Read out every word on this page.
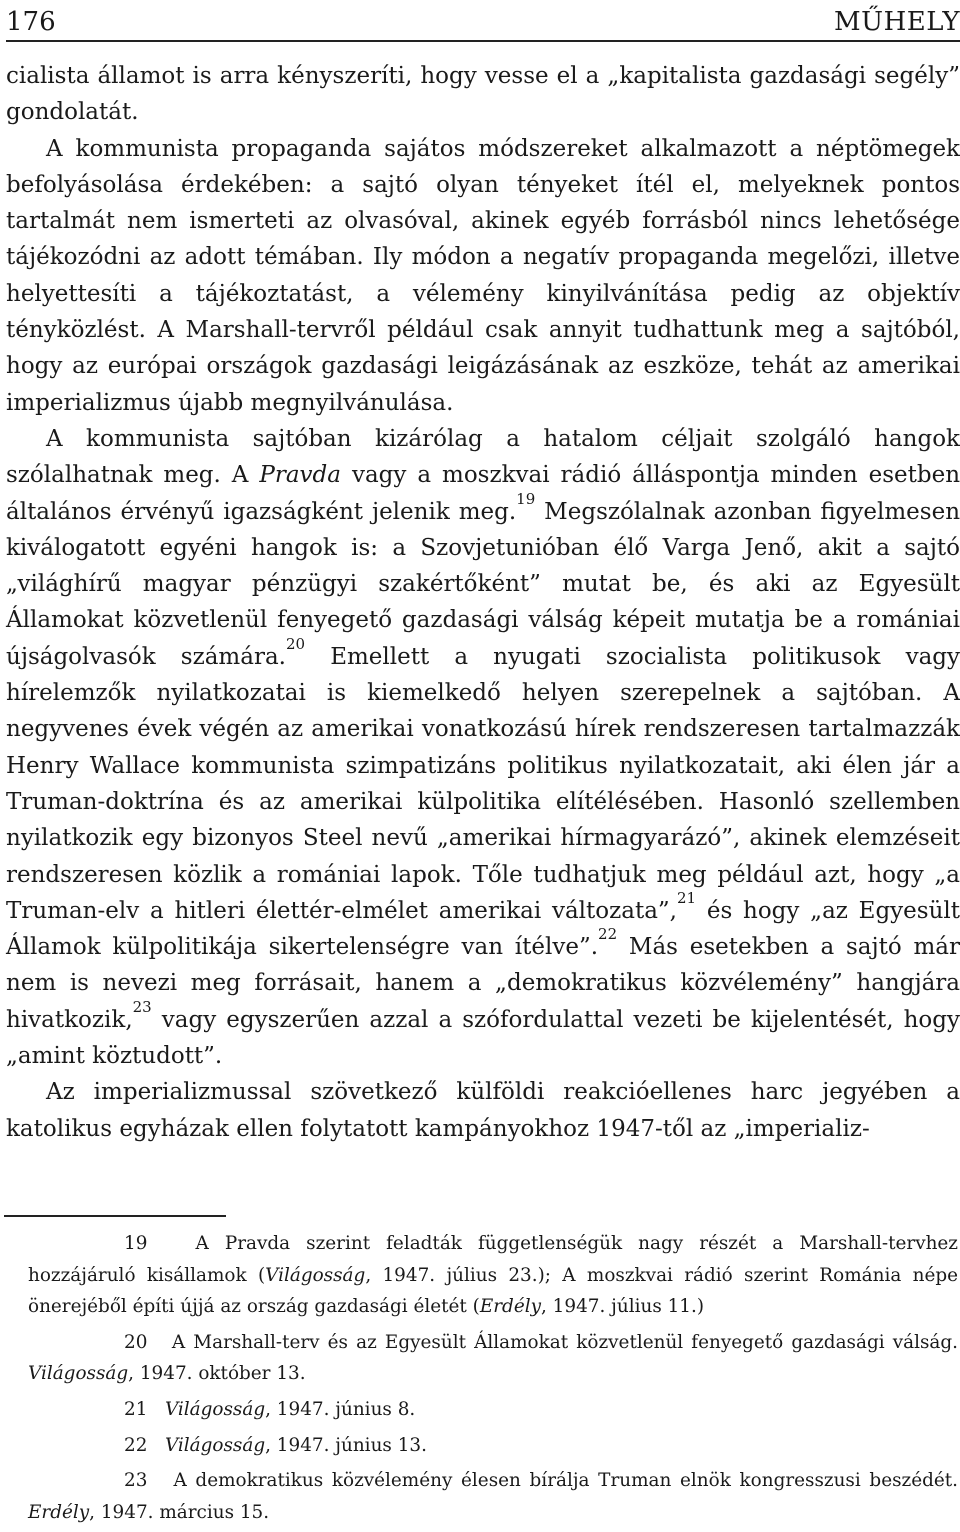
176	MŰHELY

cialista államot is arra kényszeríti, hogy vesse el a „kapitalista gazdasági segély” gondolatát.

A kommunista propaganda sajátos módszereket alkalmazott a néptömegek befolyásolása érdekében: a sajtó olyan tényeket ítél el, melyeknek pontos tartalmát nem ismerteti az olvasóval, akinek egyéb forrásból nincs lehetősége tájékozódni az adott témában. Ily módon a negatív propaganda megelőzi, illetve helyettesíti a tájékoztatást, a vélemény kinyilvánítása pedig az objektív tényközlést. A Marshall-tervről például csak annyit tudhattunk meg a sajtóból, hogy az európai országok gazdasági leigázásának az eszköze, tehát az amerikai imperializmus újabb megnyilvánulása.

A kommunista sajtóban kizárólag a hatalom céljait szolgáló hangok szólalhatnak meg. A Pravda vagy a moszkvai rádió álláspontja minden esetben általános érvényű igazságként jelenik meg.$^{19}$ Megszólalnak azonban figyelmesen kiválogatott egyéni hangok is: a Szovjetunióban élő Varga Jenő, akit a sajtó „világhírű magyar pénzügyi szakértőként” mutat be, és aki az Egyesült Államokat közvetlenül fenyegető gazdasági válság képeit mutatja be a romániai újságolvasók számára.$^{20}$ Emellett a nyugati szocialista politikusok vagy hírelemzők nyilatkozatai is kiemelkedő helyen szerepelnek a sajtóban. A negyvenes évek végén az amerikai vonatkozású hírek rendszeresen tartalmazzák Henry Wallace kommunista szimpatizáns politikus nyilatkozatait, aki élen jár a Truman-doktrína és az amerikai külpolitika elítélésében. Hasonló szellemben nyilatkozik egy bizonyos Steel nevű „amerikai hírmagyarázó”, akinek elemzéseit rendszeresen közlik a romániai lapok. Tőle tudhatjuk meg például azt, hogy „a Truman-elv a hitleri élettér-elmélet amerikai változata”,$^{21}$ és hogy „az Egyesült Államok külpolitikája sikertelenségre van ítélve”.$^{22}$ Más esetekben a sajtó már nem is nevezi meg forrásait, hanem a „demokratikus közvélemény” hangjára hivatkozik,$^{23}$ vagy egyszerűen azzal a szófordulattal vezeti be kijelentését, hogy „amint köztudott”.

Az imperializmussal szövetkező külföldi reakcióellenes harc jegyében a katolikus egyházak ellen folytatott kampányokhoz 1947-től az „imperializ-

19	A Pravda szerint feladták függetlenségük nagy részét a Marshall-tervhez hozzájáruló kisállamok (Világosság, 1947. július 23.); A moszkvai rádió szerint Románia népe önerejéből építi újjá az ország gazdasági életét (Erdély, 1947. július 11.)

20 A Marshall-terv és az Egyesült Államokat közvetlenül fenyegető gazdasági válság. Világosság, 1947. október 13.

21 Világosság, 1947. június 8.

22 Világosság, 1947. június 13.

23 A demokratikus közvélemény élesen bírálja Truman elnök kongresszusi beszédét. Erdély, 1947. március 15.
